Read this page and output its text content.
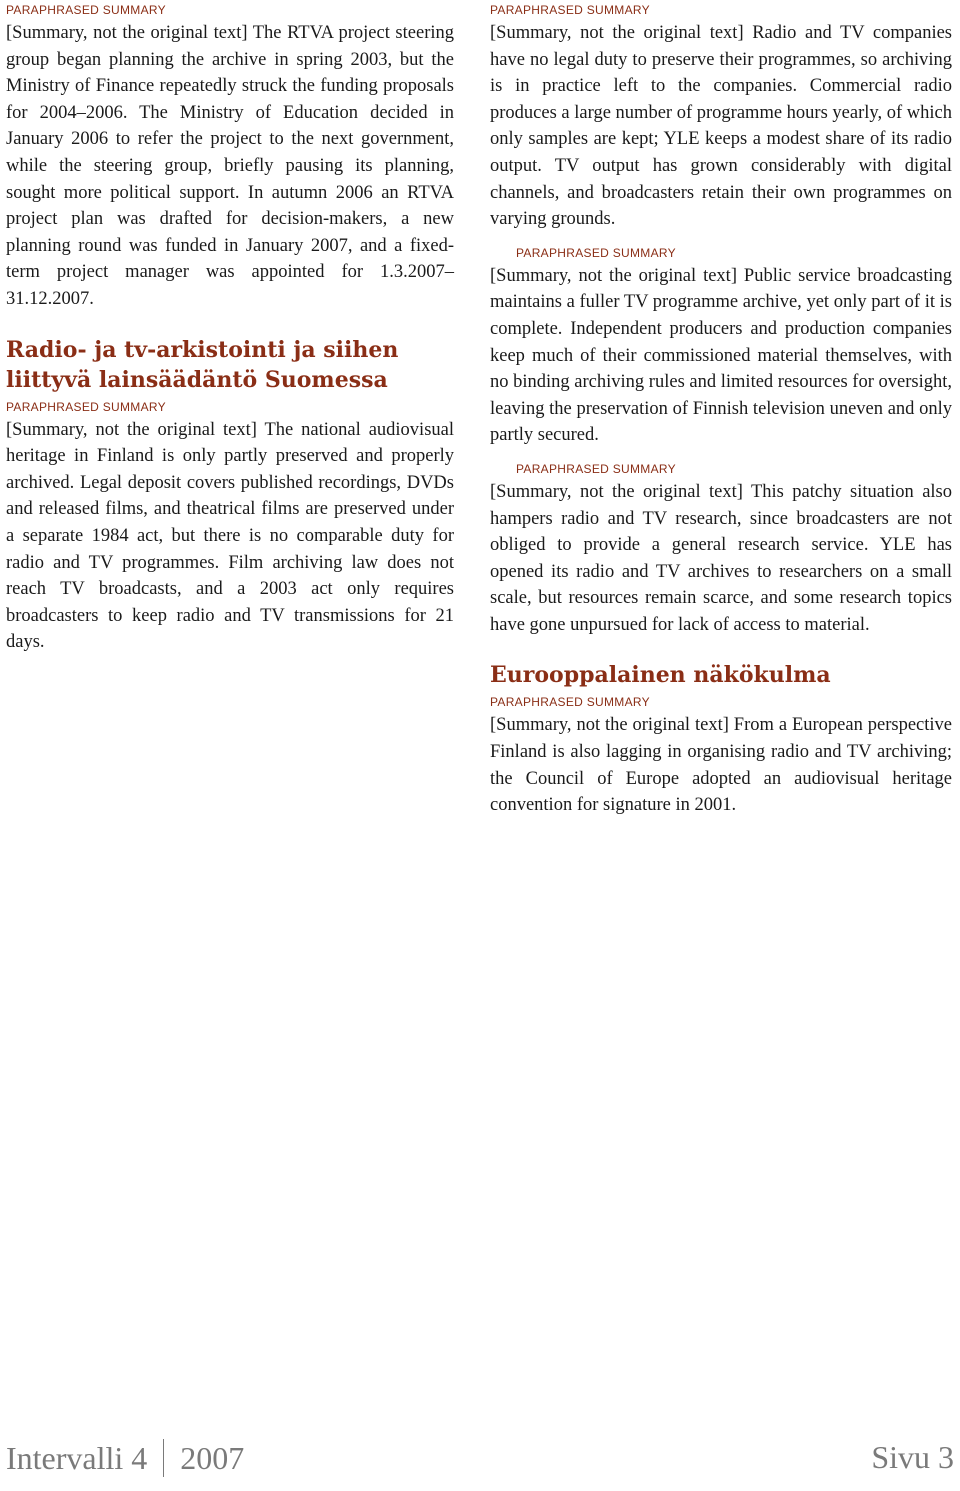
PARAPHRASED SUMMARY
[Summary, not the original text] The RTVA project steering group began planning the archive in spring 2003, but the Ministry of Finance repeatedly struck the funding proposals for 2004–2006. The Ministry of Education decided in January 2006 to refer the project to the next government, while the steering group, briefly pausing its planning, sought more political support. In autumn 2006 an RTVA project plan was drafted for decision-makers, a new planning round was funded in January 2007, and a fixed-term project manager was appointed for 1.3.2007–31.12.2007.

Radio- ja tv-arkistointi ja siihen liittyvä lainsäädäntö Suomessa

PARAPHRASED SUMMARY
[Summary, not the original text] The national audiovisual heritage in Finland is only partly preserved and properly archived. Legal deposit covers published recordings, DVDs and released films, and theatrical films are preserved under a separate 1984 act, but there is no comparable duty for radio and TV programmes. Film archiving law does not reach TV broadcasts, and a 2003 act only requires broadcasters to keep radio and TV transmissions for 21 days.

PARAPHRASED SUMMARY
[Summary, not the original text] Radio and TV companies have no legal duty to preserve their programmes, so archiving is in practice left to the companies. Commercial radio produces a large number of programme hours yearly, of which only samples are kept; YLE keeps a modest share of its radio output. TV output has grown considerably with digital channels, and broadcasters retain their own programmes on varying grounds.

PARAPHRASED SUMMARY
[Summary, not the original text] Public service broadcasting maintains a fuller TV programme archive, yet only part of it is complete. Independent producers and production companies keep much of their commissioned material themselves, with no binding archiving rules and limited resources for oversight, leaving the preservation of Finnish television uneven and only partly secured.

PARAPHRASED SUMMARY
[Summary, not the original text] This patchy situation also hampers radio and TV research, since broadcasters are not obliged to provide a general research service. YLE has opened its radio and TV archives to researchers on a small scale, but resources remain scarce, and some research topics have gone unpursued for lack of access to material.

Eurooppalainen näkökulma

PARAPHRASED SUMMARY
[Summary, not the original text] From a European perspective Finland is also lagging in organising radio and TV archiving; the Council of Europe adopted an audiovisual heritage convention for signature in 2001.

Intervalli 4 2007	Sivu 3
